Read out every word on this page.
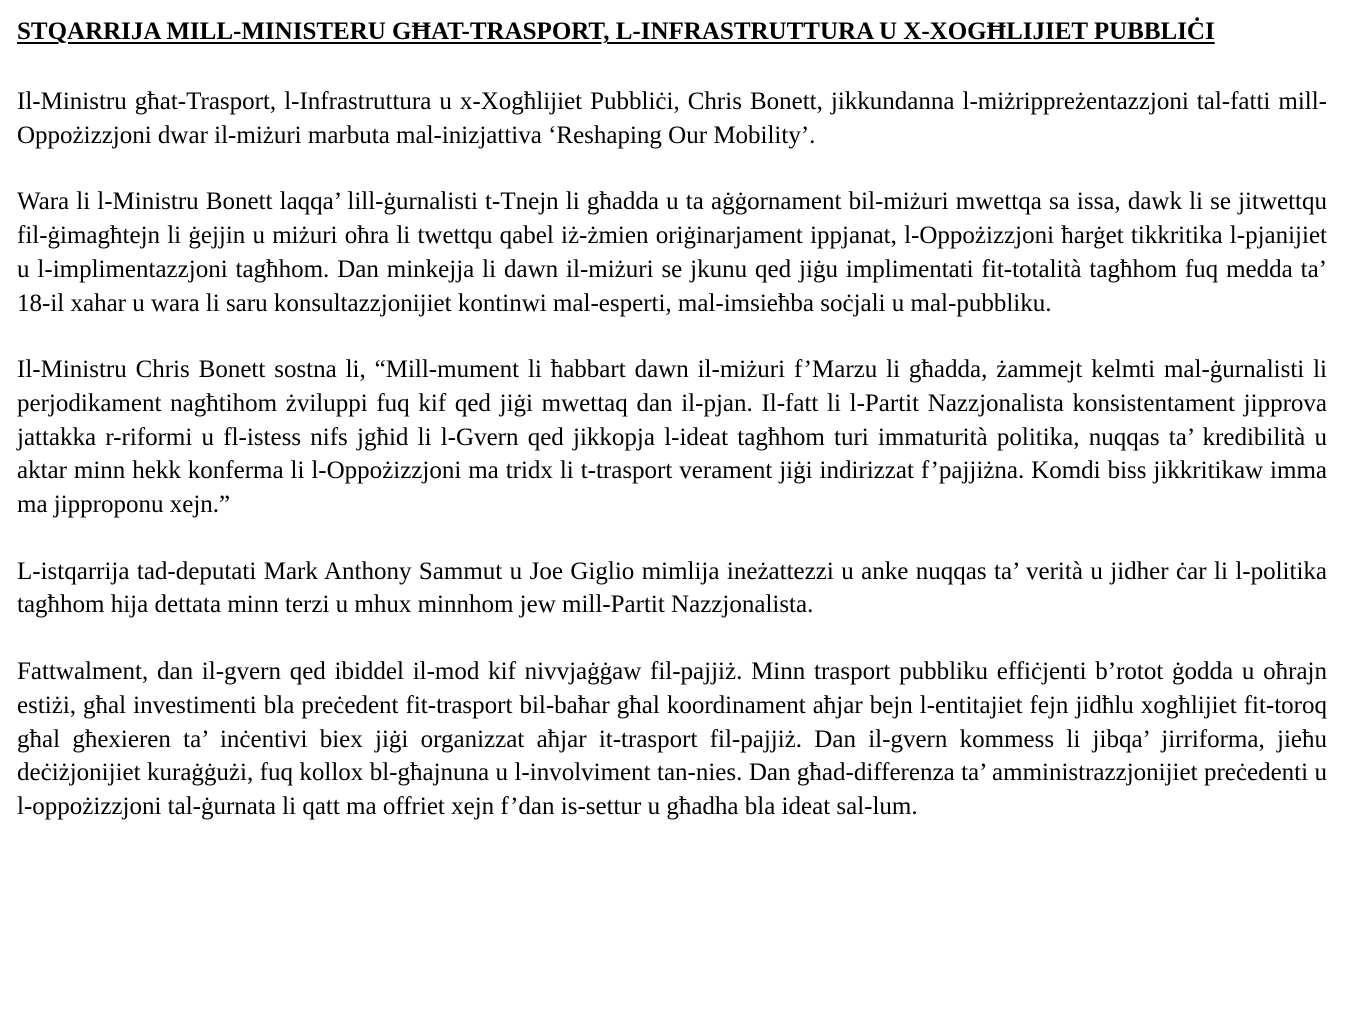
STQARRIJA MILL-MINISTERU GĦAT-TRASPORT, L-INFRASTRUTTURA U X-XOGĦLIJIET PUBBLIĊI

Il-Ministru għat-Trasport, l-Infrastruttura u x-Xogħlijiet Pubbliċi, Chris Bonett, jikkundanna l-miżrippreżentazzjoni tal-fatti mill-Oppożizzjoni dwar il-miżuri marbuta mal-inizjattiva ‘Reshaping Our Mobility’.

Wara li l-Ministru Bonett laqqa’ lill-ġurnalisti t-Tnejn li għadda u ta aġġornament bil-miżuri mwettqa sa issa, dawk li se jitwettqu fil-ġimagħtejn li ġejjin u miżuri oħra li twettqu qabel iż-żmien oriġinarjament ippjanat, l-Oppożizzjoni ħarġet tikkritika l-pjanijiet u l-implimentazzjoni tagħhom. Dan minkejja li dawn il-miżuri se jkunu qed jiġu implimentati fit-totalità tagħhom fuq medda ta’ 18-il xahar u wara li saru konsultazzjonijiet kontinwi mal-esperti, mal-imsieħba soċjali u mal-pubbliku.

Il-Ministru Chris Bonett sostna li, “Mill-mument li ħabbart dawn il-miżuri f’Marzu li għadda, żammejt kelmti mal-ġurnalisti li perjodikament nagħtihom żviluppi fuq kif qed jiġi mwettaq dan il-pjan. Il-fatt li l-Partit Nazzjonalista konsistentament jipprova jattakka r-riformi u fl-istess nifs jgħid li l-Gvern qed jikkopja l-ideat tagħhom turi immaturità politika, nuqqas ta’ kredibilità u aktar minn hekk konferma li l-Oppożizzjoni ma tridx li t-trasport verament jiġi indirizzat f’pajjiżna. Komdi biss jikkritikaw imma ma jipproponu xejn.”

L-istqarrija tad-deputati Mark Anthony Sammut u Joe Giglio mimlija ineżattezzi u anke nuqqas ta’ verità u jidher ċar li l-politika tagħhom hija dettata minn terzi u mhux minnhom jew mill-Partit Nazzjonalista.

Fattwalment, dan il-gvern qed ibiddel il-mod kif nivvjaġġaw fil-pajjiż. Minn trasport pubbliku effiċjenti b’rotot ġodda u oħrajn estiżi, għal investimenti bla preċedent fit-trasport bil-baħar għal koordinament aħjar bejn l-entitajiet fejn jidħlu xogħlijiet fit-toroq għal għexieren ta’ inċentivi biex jiġi organizzat aħjar it-trasport fil-pajjiż. Dan il-gvern kommess li jibqa’ jirriforma, jieħu deċiżjonijiet kuraġġużi, fuq kollox bl-għajnuna u l-involviment tan-nies. Dan għad-differenza ta’ amministrazzjonijiet preċedenti u l-oppożizzjoni tal-ġurnata li qatt ma offriet xejn f’dan is-settur u għadha bla ideat sal-lum.
